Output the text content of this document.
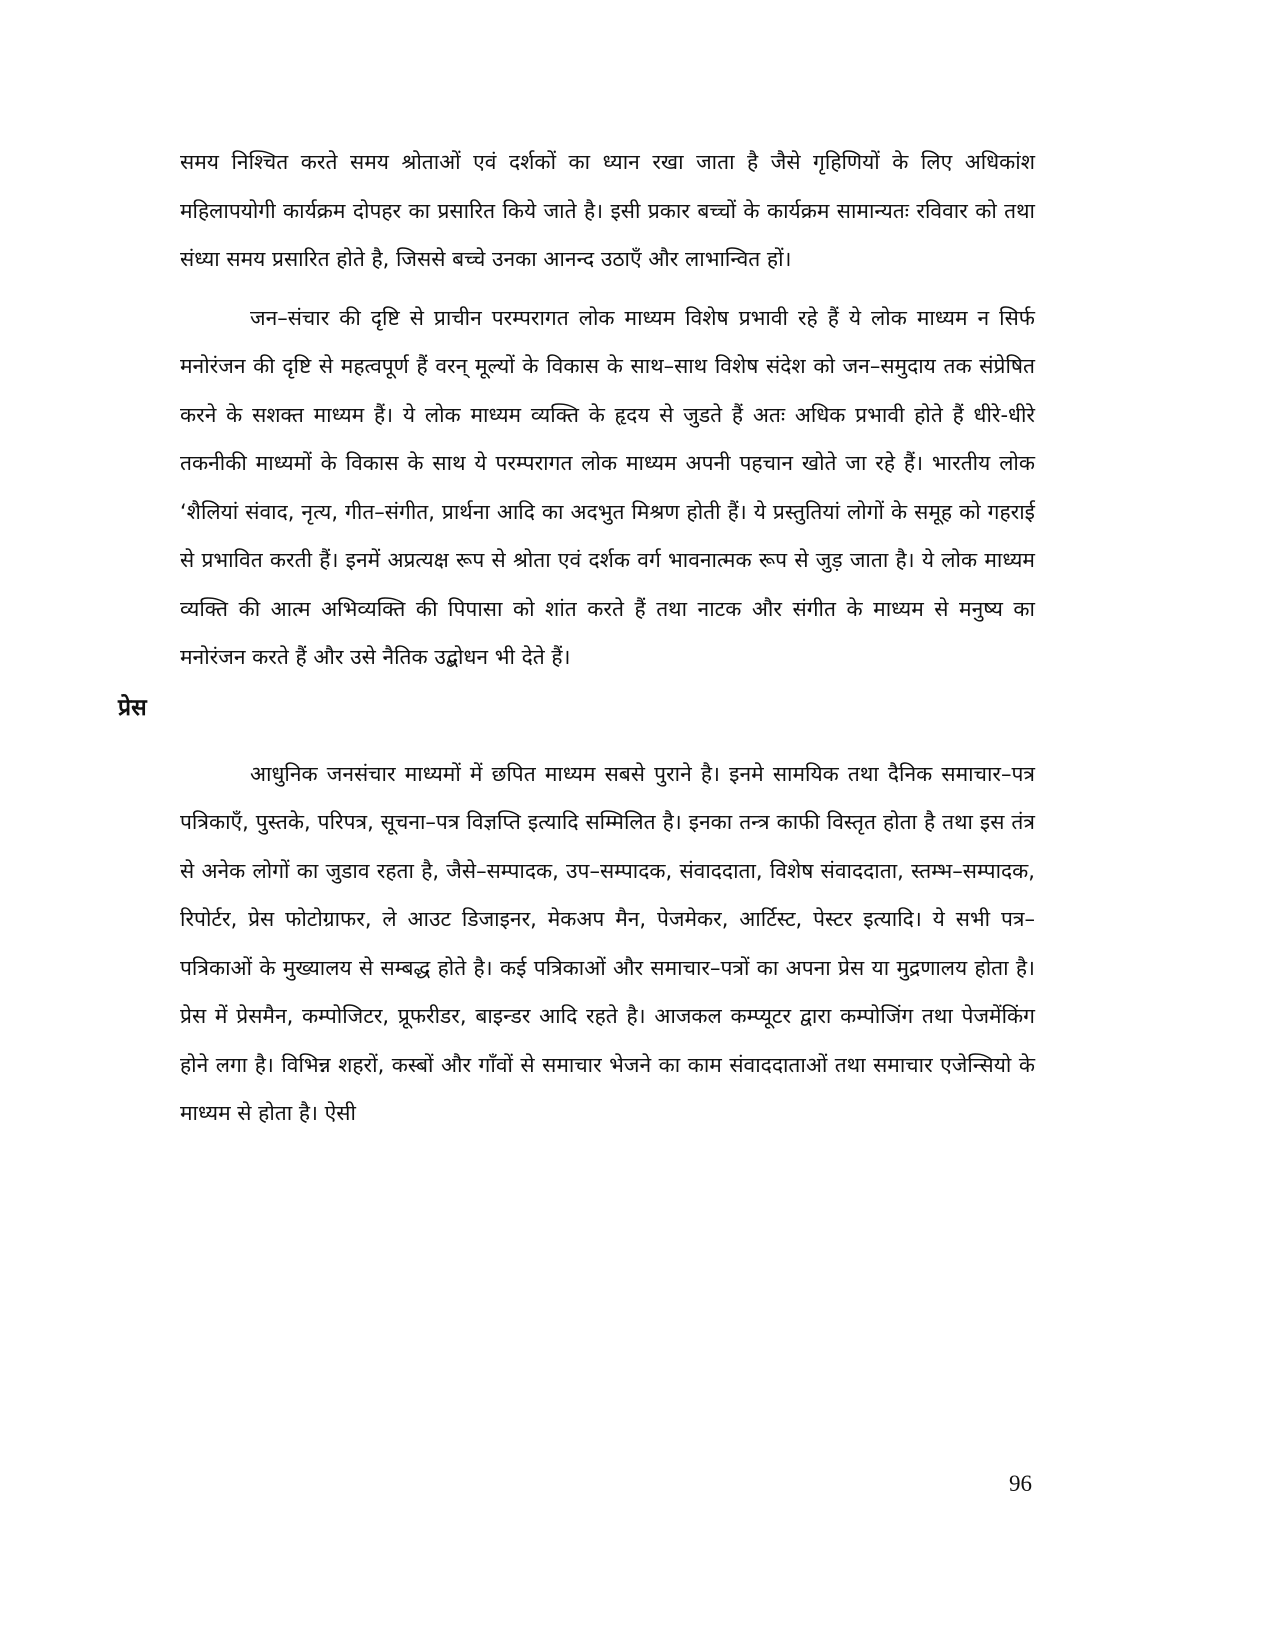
समय निश्चित करते समय श्रोताओं एवं दर्शकों का ध्यान रखा जाता है जैसे गृहिणियों के लिए अधिकांश महिलापयोगी कार्यक्रम दोपहर का प्रसारित किये जाते है। इसी प्रकार बच्चों के कार्यक्रम सामान्यतः रविवार को तथा संध्या समय प्रसारित होते है, जिससे बच्चे उनका आनन्द उठाएँ और लाभान्वित हों।

जन–संचार की दृष्टि से प्राचीन परम्परागत लोक माध्यम विशेष प्रभावी रहे हैं ये लोक माध्यम न सिर्फ मनोरंजन की दृष्टि से महत्वपूर्ण हैं वरन् मूल्यों के विकास के साथ–साथ विशेष संदेश को जन–समुदाय तक संप्रेषित करने के सशक्त माध्यम हैं। ये लोक माध्यम व्यक्ति के हृदय से जुडते हैं अतः अधिक प्रभावी होते हैं धीरे-धीरे तकनीकी माध्यमों के विकास के साथ ये परम्परागत लोक माध्यम अपनी पहचान खोते जा रहे हैं। भारतीय लोक ‘शैलियां संवाद, नृत्य, गीत–संगीत, प्रार्थना आदि का अदभुत मिश्रण होती हैं। ये प्रस्तुतियां लोगों के समूह को गहराई से प्रभावित करती हैं। इनमें अप्रत्यक्ष रूप से श्रोता एवं दर्शक वर्ग भावनात्मक रूप से जुड़ जाता है। ये लोक माध्यम व्यक्ति की आत्म अभिव्यक्ति की पिपासा को शांत करते हैं तथा नाटक और संगीत के माध्यम से मनुष्य का मनोरंजन करते हैं और उसे नैतिक उद्बोधन भी देते हैं।

प्रेस

आधुनिक जनसंचार माध्यमों में छपित माध्यम सबसे पुराने है। इनमे सामयिक तथा दैनिक समाचार–पत्र पत्रिकाएँ, पुस्तके, परिपत्र, सूचना–पत्र विज्ञप्ति इत्यादि सम्मिलित है। इनका तन्त्र काफी विस्तृत होता है तथा इस तंत्र से अनेक लोगों का जुडाव रहता है, जैसे–सम्पादक, उप–सम्पादक, संवाददाता, विशेष संवाददाता, स्तम्भ–सम्पादक, रिपोर्टर, प्रेस फोटोग्राफर, ले आउट डिजाइनर, मेकअप मैन, पेजमेकर, आर्टिस्ट, पेस्टर इत्यादि। ये सभी पत्र–पत्रिकाओं के मुख्यालय से सम्बद्ध होते है। कई पत्रिकाओं और समाचार–पत्रों का अपना प्रेस या मुद्रणालय होता है। प्रेस में प्रेसमैन, कम्पोजिटर, प्रूफरीडर, बाइन्डर आदि रहते है। आजकल कम्प्यूटर द्वारा कम्पोजिंग तथा पेजमेंकिंग होने लगा है। विभिन्न शहरों, कस्बों और गाँवों से समाचार भेजने का काम संवाददाताओं तथा समाचार एजेन्सियो के माध्यम से होता है। ऐसी

96
